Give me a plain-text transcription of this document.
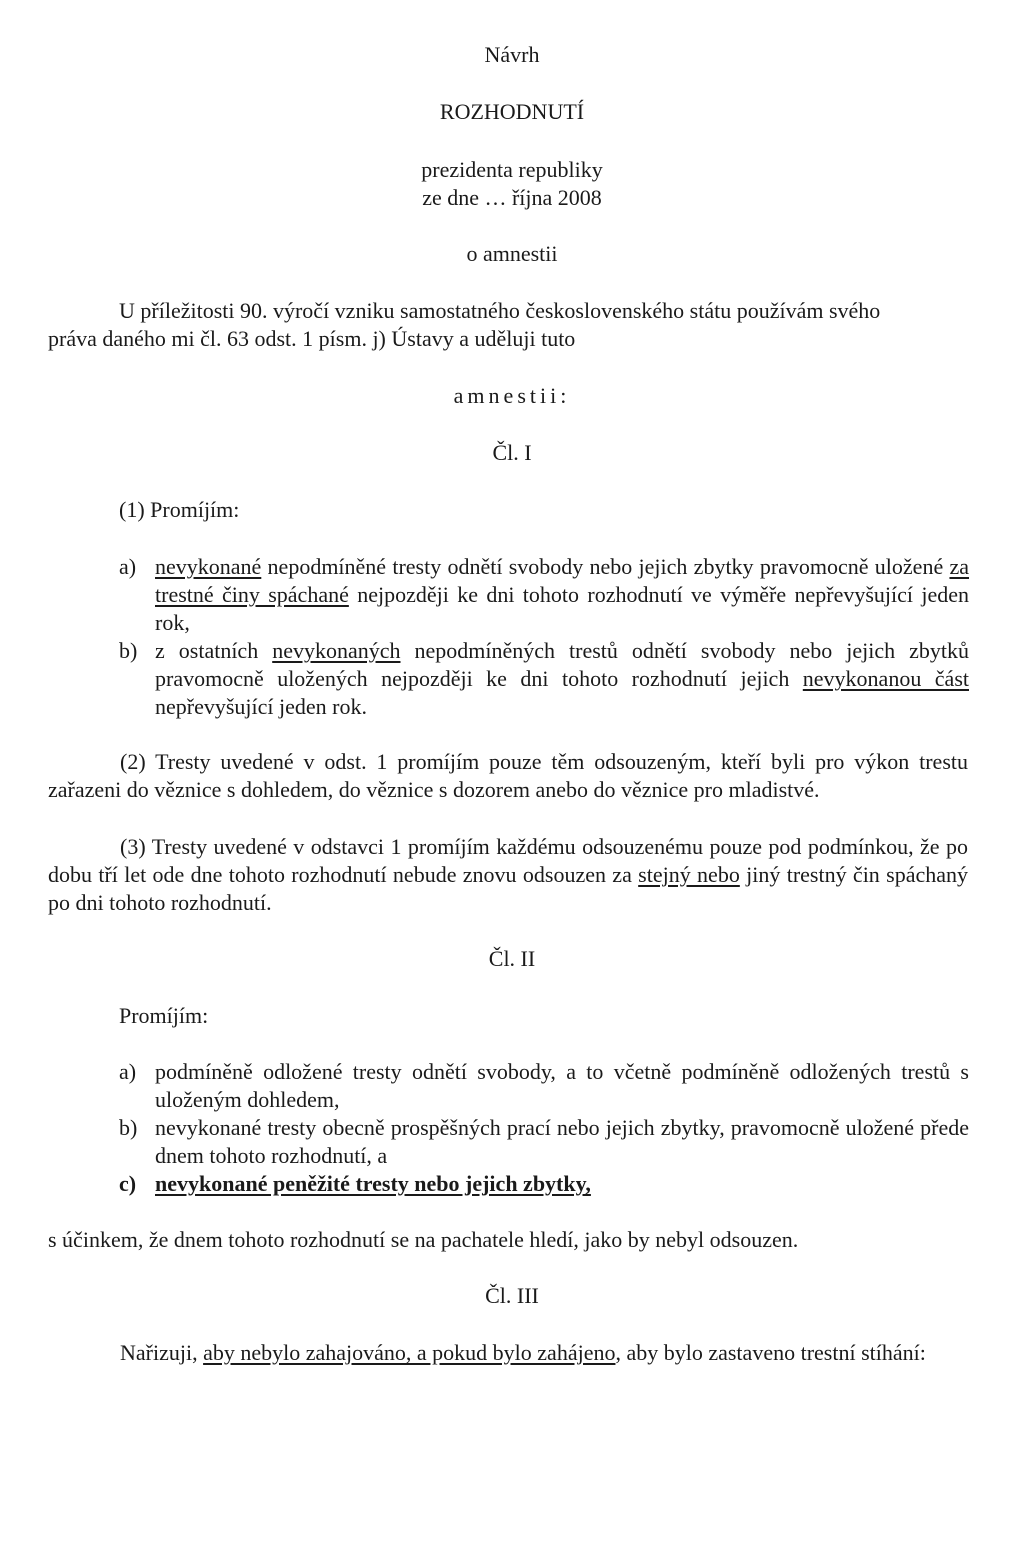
Návrh
ROZHODNUTÍ
prezidenta republiky
ze dne … října 2008
o amnestii
U příležitosti 90. výročí vzniku samostatného československého státu používám svého
práva daného mi čl. 63 odst. 1 písm. j) Ústavy a uděluji tuto
amnestii:
Čl. I
(1) Promíjím:
a) nevykonané nepodmíněné tresty odnětí svobody nebo jejich zbytky pravomocně uložené za trestné činy spáchané nejpozději ke dni tohoto rozhodnutí ve výměře nepřevyšující jeden rok,
b) z ostatních nevykonaných nepodmíněných trestů odnětí svobody nebo jejich zbytků pravomocně uložených nejpozději ke dni tohoto rozhodnutí jejich nevykonanou část nepřevyšující jeden rok.
(2) Tresty uvedené v odst. 1 promíjím pouze těm odsouzeným, kteří byli pro výkon trestu zařazeni do věznice s dohledem, do věznice s dozorem anebo do věznice pro mladistvé.
(3) Tresty uvedené v odstavci 1 promíjím každému odsouzenému pouze pod podmínkou, že po dobu tří let ode dne tohoto rozhodnutí nebude znovu odsouzen za stejný nebo jiný trestný čin spáchaný po dni tohoto rozhodnutí.
Čl. II
Promíjím:
a) podmíněně odložené tresty odnětí svobody, a to včetně podmíněně odložených trestů s uloženým dohledem,
b) nevykonané tresty obecně prospěšných prací nebo jejich zbytky, pravomocně uložené přede dnem tohoto rozhodnutí, a
c) nevykonané peněžité tresty nebo jejich zbytky,
s účinkem, že dnem tohoto rozhodnutí se na pachatele hledí, jako by nebyl odsouzen.
Čl. III
Nařizuji, aby nebylo zahajováno, a pokud bylo zahájeno, aby bylo zastaveno trestní stíhání:
